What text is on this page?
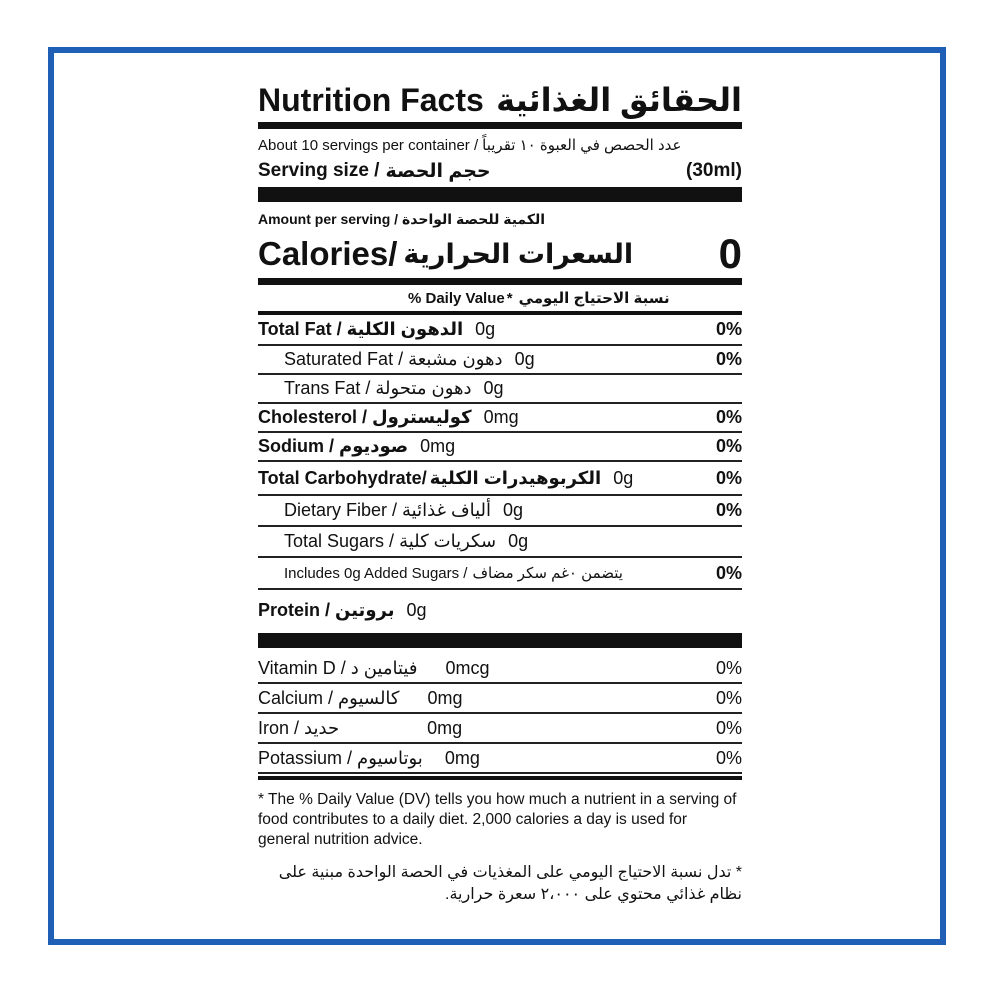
Nutrition Facts الحقائق الغذائية
About 10 servings per container / عدد الحصص في العبوة ١٠ تقريباً
Serving size / حجم الحصة	(30ml)
Amount per serving / الكمية للحصة الواحدة
Calories/ السعرات الحرارية 0
% Daily Value * نسبة الاحتياج اليومي
Total Fat / الدهون الكلية 0g	0%
Saturated Fat / دهون مشبعة 0g	0%
Trans Fat / دهون متحولة 0g
Cholesterol / كوليسترول 0mg	0%
Sodium / صوديوم 0mg	0%
Total Carbohydrate/ الكربوهيدرات الكلية 0g	0%
Dietary Fiber / ألياف غذائية 0g	0%
Total Sugars / سكريات كلية 0g
Includes 0g Added Sugars / يتضمن ٠غم سكر مضاف	0%
Protein / بروتين 0g
Vitamin D / فيتامين د 0mcg	0%
Calcium / كالسيوم 0mg	0%
Iron / حديد	0mg	0%
Potassium / بوتاسيوم 0mg	0%
* The % Daily Value (DV) tells you how much a nutrient in a serving of food contributes to a daily diet. 2,000 calories a day is used for general nutrition advice.
* تدل نسبة الاحتياج اليومي على المغذيات في الحصة الواحدة مبنية على نظام غذائي محتوي على ٢،٠٠٠ سعرة حرارية.
